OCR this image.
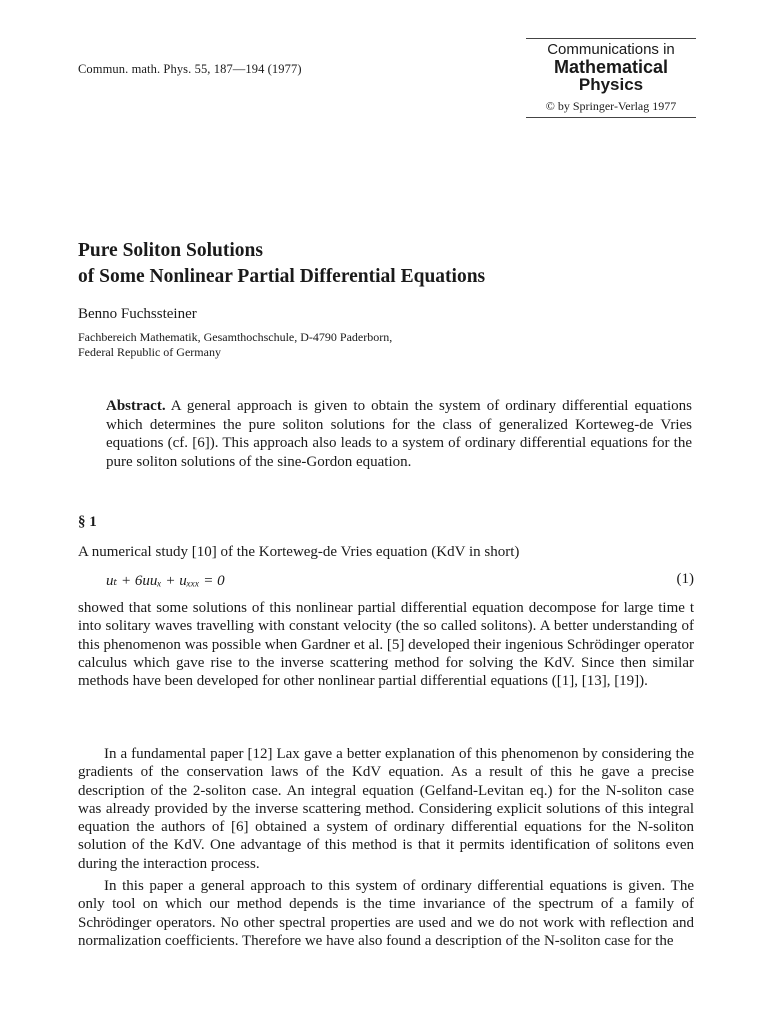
Commun. math. Phys. 55, 187—194 (1977)
Communications in
Mathematical
Physics
© by Springer-Verlag 1977
Pure Soliton Solutions
of Some Nonlinear Partial Differential Equations
Benno Fuchssteiner
Fachbereich Mathematik, Gesamthochschule, D-4790 Paderborn,
Federal Republic of Germany
Abstract. A general approach is given to obtain the system of ordinary differential equations which determines the pure soliton solutions for the class of generalized Korteweg-de Vries equations (cf. [6]). This approach also leads to a system of ordinary differential equations for the pure soliton solutions of the sine-Gordon equation.
§ 1
A numerical study [10] of the Korteweg-de Vries equation (KdV in short)
uₜ + 6uuₓ + uₓₓₓ = 0	(1)
showed that some solutions of this nonlinear partial differential equation decompose for large time t into solitary waves travelling with constant velocity (the so called solitons). A better understanding of this phenomenon was possible when Gardner et al. [5] developed their ingenious Schrödinger operator calculus which gave rise to the inverse scattering method for solving the KdV. Since then similar methods have been developed for other nonlinear partial differential equations ([1], [13], [19]).
In a fundamental paper [12] Lax gave a better explanation of this phenomenon by considering the gradients of the conservation laws of the KdV equation. As a result of this he gave a precise description of the 2-soliton case. An integral equation (Gelfand-Levitan eq.) for the N-soliton case was already provided by the inverse scattering method. Considering explicit solutions of this integral equation the authors of [6] obtained a system of ordinary differential equations for the N-soliton solution of the KdV. One advantage of this method is that it permits identification of solitons even during the interaction process.
In this paper a general approach to this system of ordinary differential equations is given. The only tool on which our method depends is the time invariance of the spectrum of a family of Schrödinger operators. No other spectral properties are used and we do not work with reflection and normalization coefficients. Therefore we have also found a description of the N-soliton case for the
